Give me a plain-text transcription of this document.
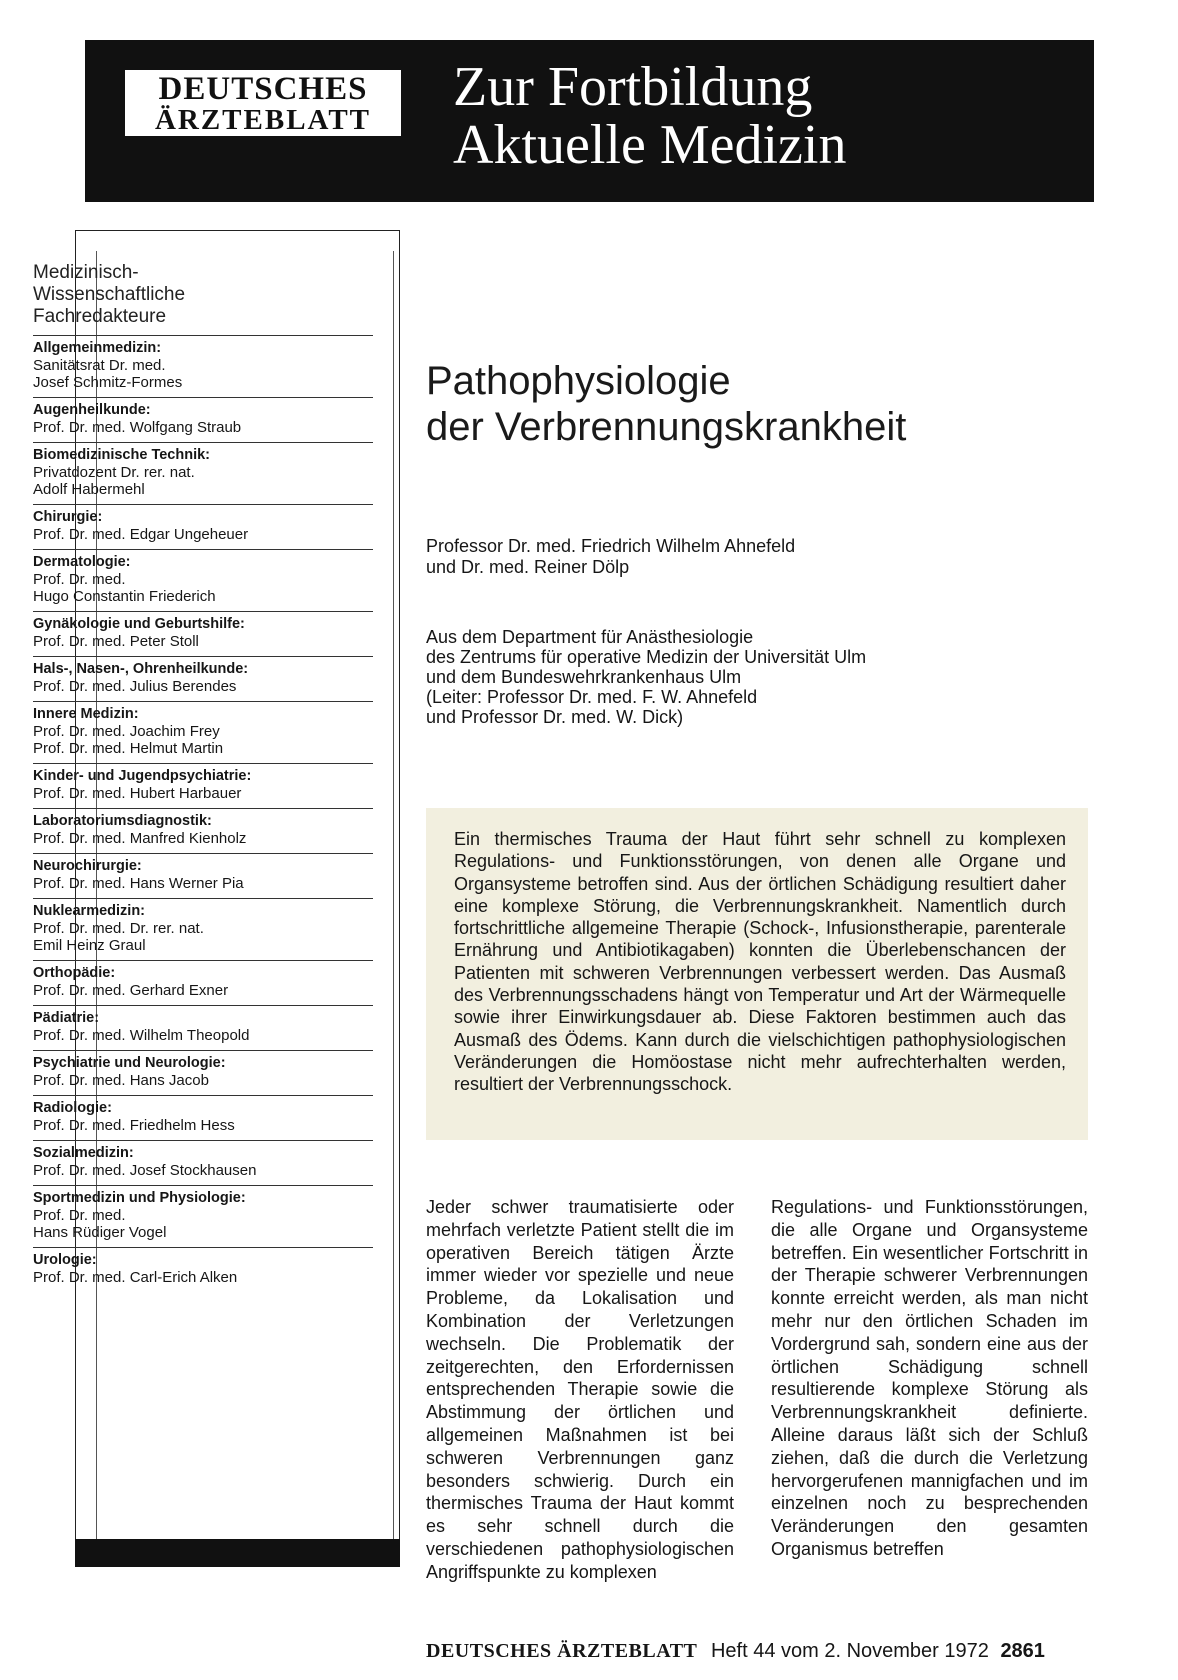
DEUTSCHES
ÄRZTEBLATT
Zur Fortbildung
Aktuelle Medizin
Medizinisch-
Wissenschaftliche
Fachredakteure
Allgemeinmedizin:
Sanitätsrat Dr. med.
Josef Schmitz-Formes
Augenheilkunde:
Prof. Dr. med. Wolfgang Straub
Biomedizinische Technik:
Privatdozent Dr. rer. nat.
Adolf Habermehl
Chirurgie:
Prof. Dr. med. Edgar Ungeheuer
Dermatologie:
Prof. Dr. med.
Hugo Constantin Friederich
Gynäkologie und Geburtshilfe:
Prof. Dr. med. Peter Stoll
Hals-, Nasen-, Ohrenheilkunde:
Prof. Dr. med. Julius Berendes
Innere Medizin:
Prof. Dr. med. Joachim Frey
Prof. Dr. med. Helmut Martin
Kinder- und Jugendpsychiatrie:
Prof. Dr. med. Hubert Harbauer
Laboratoriumsdiagnostik:
Prof. Dr. med. Manfred Kienholz
Neurochirurgie:
Prof. Dr. med. Hans Werner Pia
Nuklearmedizin:
Prof. Dr. med. Dr. rer. nat.
Emil Heinz Graul
Orthopädie:
Prof. Dr. med. Gerhard Exner
Pädiatrie:
Prof. Dr. med. Wilhelm Theopold
Psychiatrie und Neurologie:
Prof. Dr. med. Hans Jacob
Radiologie:
Prof. Dr. med. Friedhelm Hess
Sozialmedizin:
Prof. Dr. med. Josef Stockhausen
Sportmedizin und Physiologie:
Prof. Dr. med.
Hans Rüdiger Vogel
Urologie:
Prof. Dr. med. Carl-Erich Alken
Pathophysiologie
der Verbrennungskrankheit
Professor Dr. med. Friedrich Wilhelm Ahnefeld
und Dr. med. Reiner Dölp
Aus dem Department für Anästhesiologie
des Zentrums für operative Medizin der Universität Ulm
und dem Bundeswehrkrankenhaus Ulm
(Leiter: Professor Dr. med. F. W. Ahnefeld
und Professor Dr. med. W. Dick)
Ein thermisches Trauma der Haut führt sehr schnell zu komplexen Regulations- und Funktionsstörungen, von denen alle Organe und Organsysteme betroffen sind. Aus der örtlichen Schädigung resultiert daher eine komplexe Störung, die Verbrennungskrankheit. Namentlich durch fortschrittliche allgemeine Therapie (Schock-, Infusionstherapie, parenterale Ernährung und Antibiotikagaben) konnten die Überlebenschancen der Patienten mit schweren Verbrennungen verbessert werden. Das Ausmaß des Verbrennungsschadens hängt von Temperatur und Art der Wärmequelle sowie ihrer Einwirkungsdauer ab. Diese Faktoren bestimmen auch das Ausmaß des Ödems. Kann durch die vielschichtigen pathophysiologischen Veränderungen die Homöostase nicht mehr aufrechterhalten werden, resultiert der Verbrennungsschock.
Jeder schwer traumatisierte oder mehrfach verletzte Patient stellt die im operativen Bereich tätigen Ärzte immer wieder vor spezielle und neue Probleme, da Lokalisation und Kombination der Verletzungen wechseln. Die Problematik der zeitgerechten, den Erfordernissen entsprechenden Therapie sowie die Abstimmung der örtlichen und allgemeinen Maßnahmen ist bei schweren Verbrennungen ganz besonders schwierig. Durch ein thermisches Trauma der Haut kommt es sehr schnell durch die verschiedenen pathophysiologischen Angriffspunkte zu komplexen
Regulations- und Funktionsstörungen, die alle Organe und Organsysteme betreffen. Ein wesentlicher Fortschritt in der Therapie schwerer Verbrennungen konnte erreicht werden, als man nicht mehr nur den örtlichen Schaden im Vordergrund sah, sondern eine aus der örtlichen Schädigung schnell resultierende komplexe Störung als Verbrennungskrankheit definierte. Alleine daraus läßt sich der Schluß ziehen, daß die durch die Verletzung hervorgerufenen mannigfachen und im einzelnen noch zu besprechenden Veränderungen den gesamten Organismus betreffen
DEUTSCHES ÄRZTEBLATT Heft 44 vom 2. November 1972 2861
